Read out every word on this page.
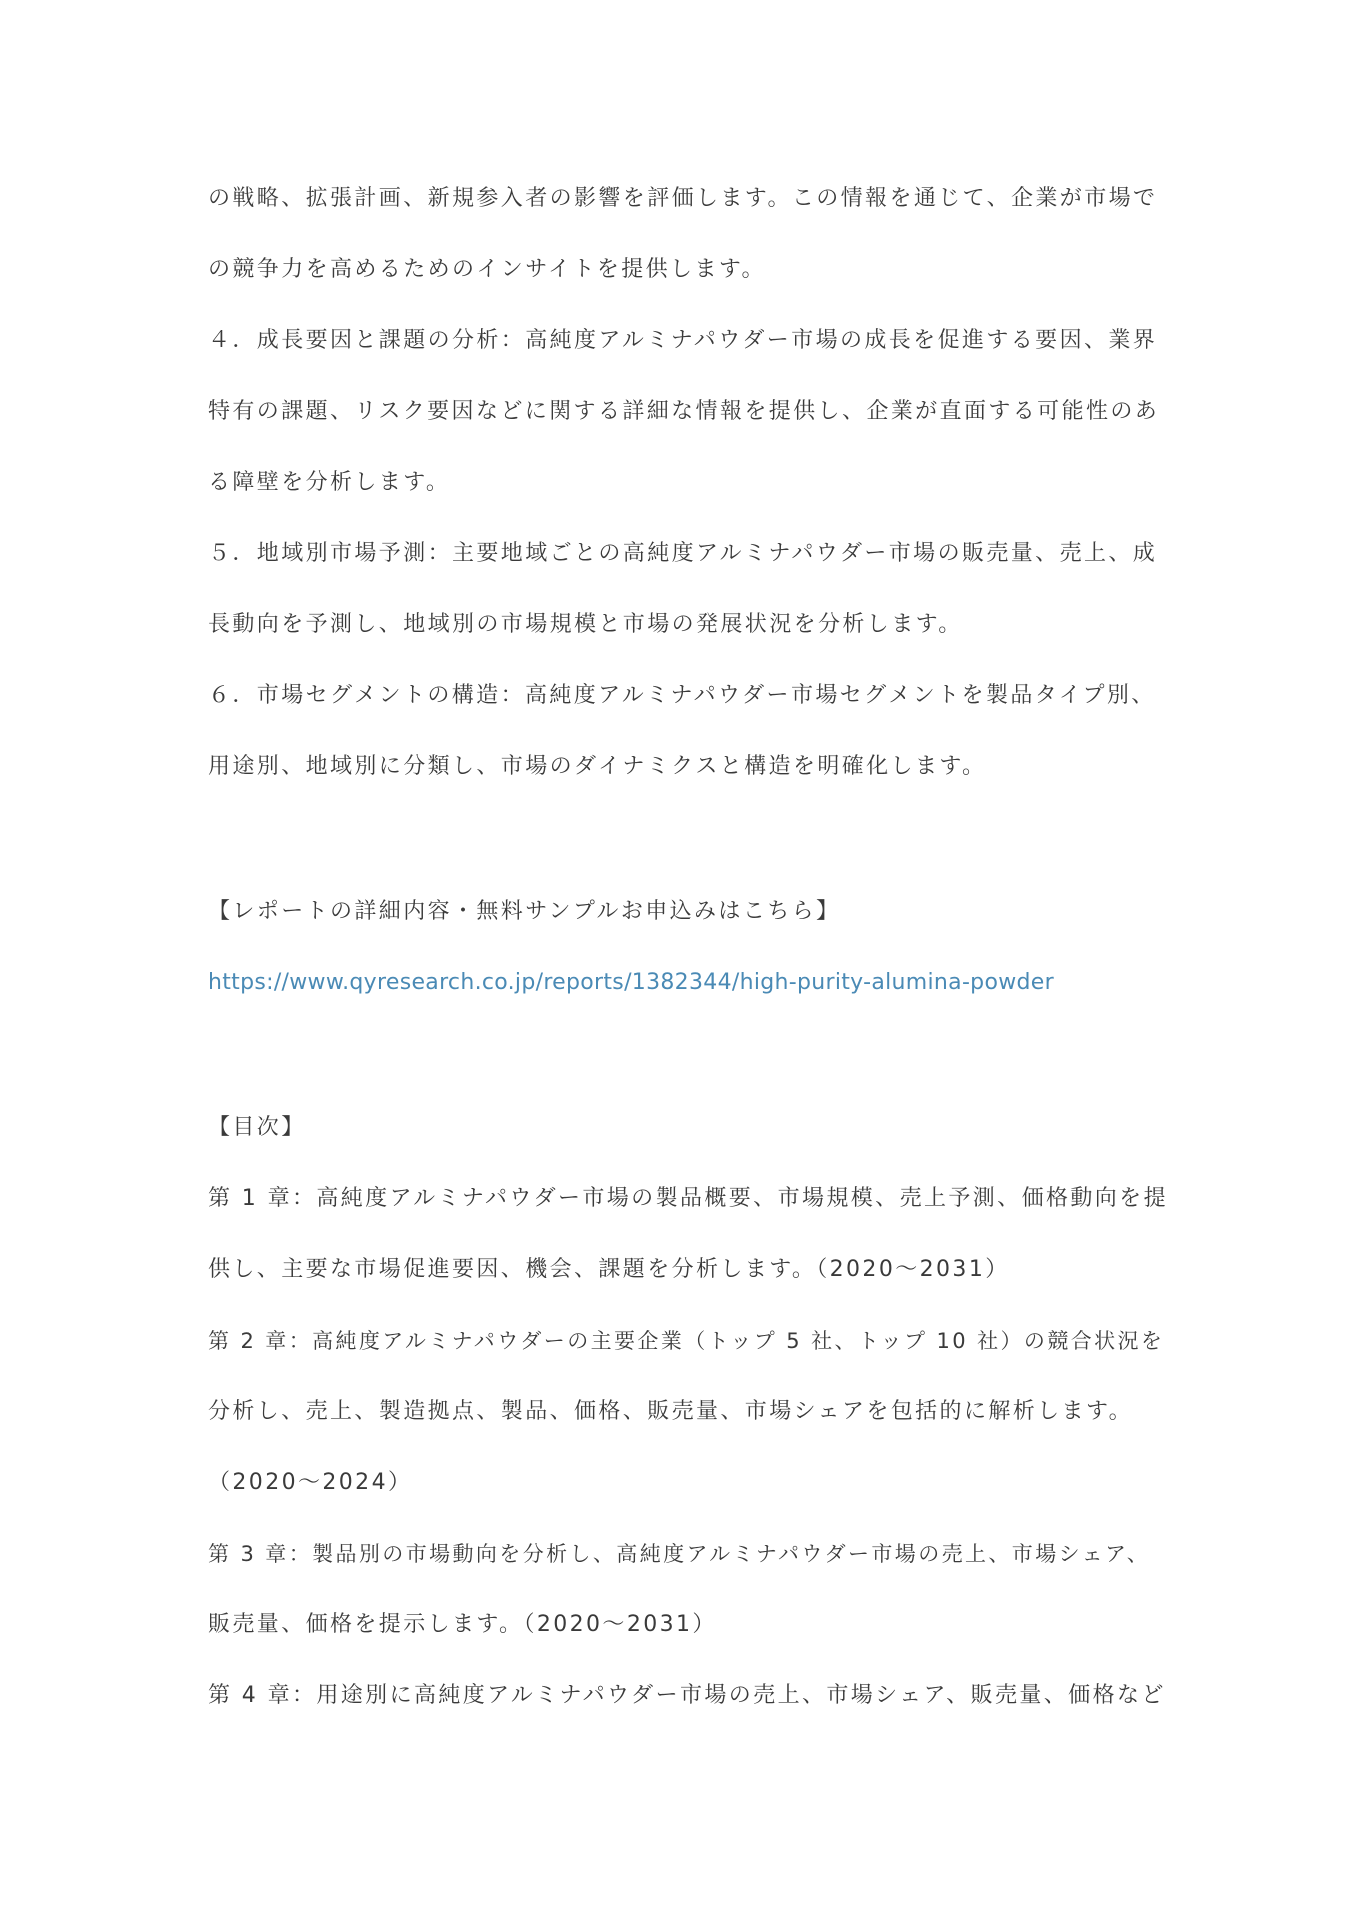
の戦略、拡張計画、新規参入者の影響を評価します。この情報を通じて、企業が市場で
の競争力を高めるためのインサイトを提供します。
４．成長要因と課題の分析：高純度アルミナパウダー市場の成長を促進する要因、業界
特有の課題、リスク要因などに関する詳細な情報を提供し、企業が直面する可能性のあ
る障壁を分析します。
５．地域別市場予測：主要地域ごとの高純度アルミナパウダー市場の販売量、売上、成
長動向を予測し、地域別の市場規模と市場の発展状況を分析します。
６．市場セグメントの構造：高純度アルミナパウダー市場セグメントを製品タイプ別、
用途別、地域別に分類し、市場のダイナミクスと構造を明確化します。
【レポートの詳細内容・無料サンプルお申込みはこちら】
https://www.qyresearch.co.jp/reports/1382344/high-purity-alumina-powder
【目次】
第 1 章：高純度アルミナパウダー市場の製品概要、市場規模、売上予測、価格動向を提
供し、主要な市場促進要因、機会、課題を分析します。（2020～2031）
第 2 章：高純度アルミナパウダーの主要企業（トップ 5 社、トップ 10 社）の競合状況を
分析し、売上、製造拠点、製品、価格、販売量、市場シェアを包括的に解析します。
（2020～2024）
第 3 章：製品別の市場動向を分析し、高純度アルミナパウダー市場の売上、市場シェア、
販売量、価格を提示します。（2020～2031）
第 4 章：用途別に高純度アルミナパウダー市場の売上、市場シェア、販売量、価格など
